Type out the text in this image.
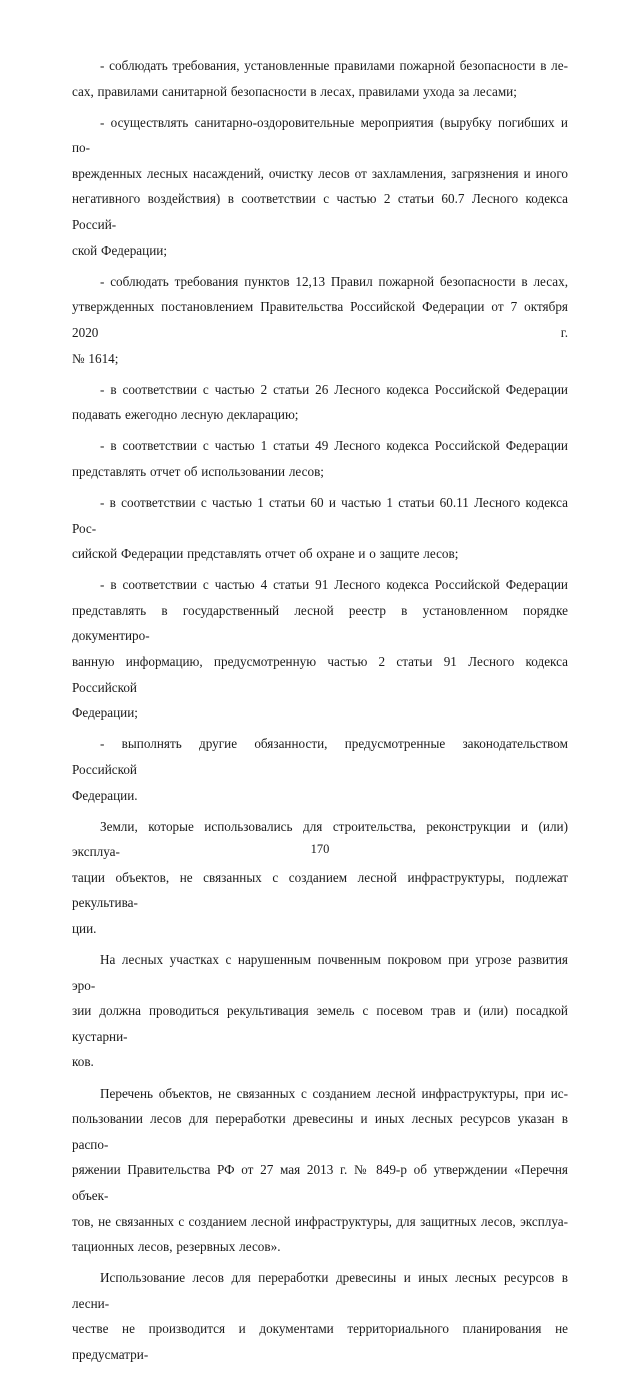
- соблюдать требования, установленные правилами пожарной безопасности в ле-
сах, правилами санитарной безопасности в лесах, правилами ухода за лесами;

- осуществлять санитарно-оздоровительные мероприятия (вырубку погибших и по-
врежденных лесных насаждений, очистку лесов от захламления, загрязнения и иного
негативного воздействия) в соответствии с частью 2 статьи 60.7 Лесного кодекса Россий-
ской Федерации;

- соблюдать требования пунктов 12,13 Правил пожарной безопасности в лесах,
утвержденных постановлением Правительства Российской Федерации от 7 октября 2020 г.
№ 1614;

- в соответствии с частью 2 статьи 26 Лесного кодекса Российской Федерации
подавать ежегодно лесную декларацию;

- в соответствии с частью 1 статьи 49 Лесного кодекса Российской Федерации
представлять отчет об использовании лесов;

- в соответствии с частью 1 статьи 60 и частью 1 статьи 60.11 Лесного кодекса Рос-
сийской Федерации представлять отчет об охране и о защите лесов;

- в соответствии с частью 4 статьи 91 Лесного кодекса Российской Федерации
представлять в государственный лесной реестр в установленном порядке документиро-
ванную информацию, предусмотренную частью 2 статьи 91 Лесного кодекса Российской
Федерации;

- выполнять другие обязанности, предусмотренные законодательством Российской
Федерации.

Земли, которые использовались для строительства, реконструкции и (или) эксплуа-
тации объектов, не связанных с созданием лесной инфраструктуры, подлежат рекультива-
ции.

На лесных участках с нарушенным почвенным покровом при угрозе развития эро-
зии должна проводиться рекультивация земель с посевом трав и (или) посадкой кустарни-
ков.

Перечень объектов, не связанных с созданием лесной инфраструктуры, при ис-
пользовании лесов для переработки древесины и иных лесных ресурсов указан в распо-
ряжении Правительства РФ от 27 мая 2013 г. № 849-р об утверждении «Перечня объек-
тов, не связанных с созданием лесной инфраструктуры, для защитных лесов, эксплуа-
тационных лесов, резервных лесов».

Использование лесов для переработки древесины и иных лесных ресурсов в лесни-
честве не производится и документами территориального планирования не предусматри-

170
